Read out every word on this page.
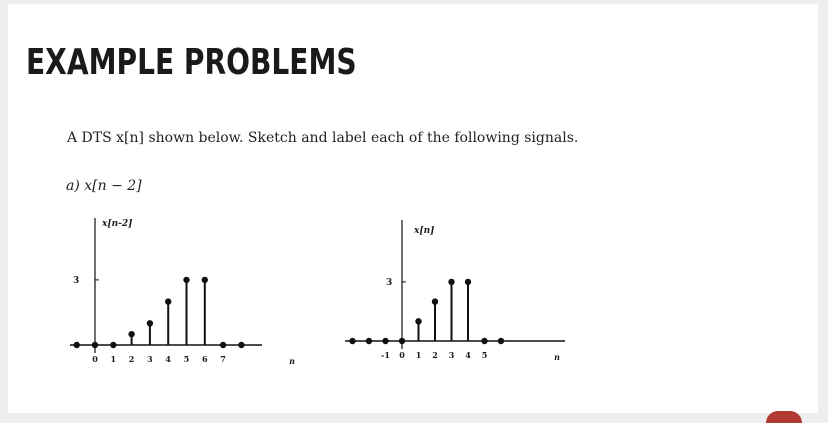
EXAMPLE PROBLEMS
A DTS x[n] shown below. Sketch and label each of the following signals.
a) x[n − 2]
3
x[n-2]
0 1 2 3 4 5 6 7	n
3
x[n]
-1 0 1 2 3 4 5	n
